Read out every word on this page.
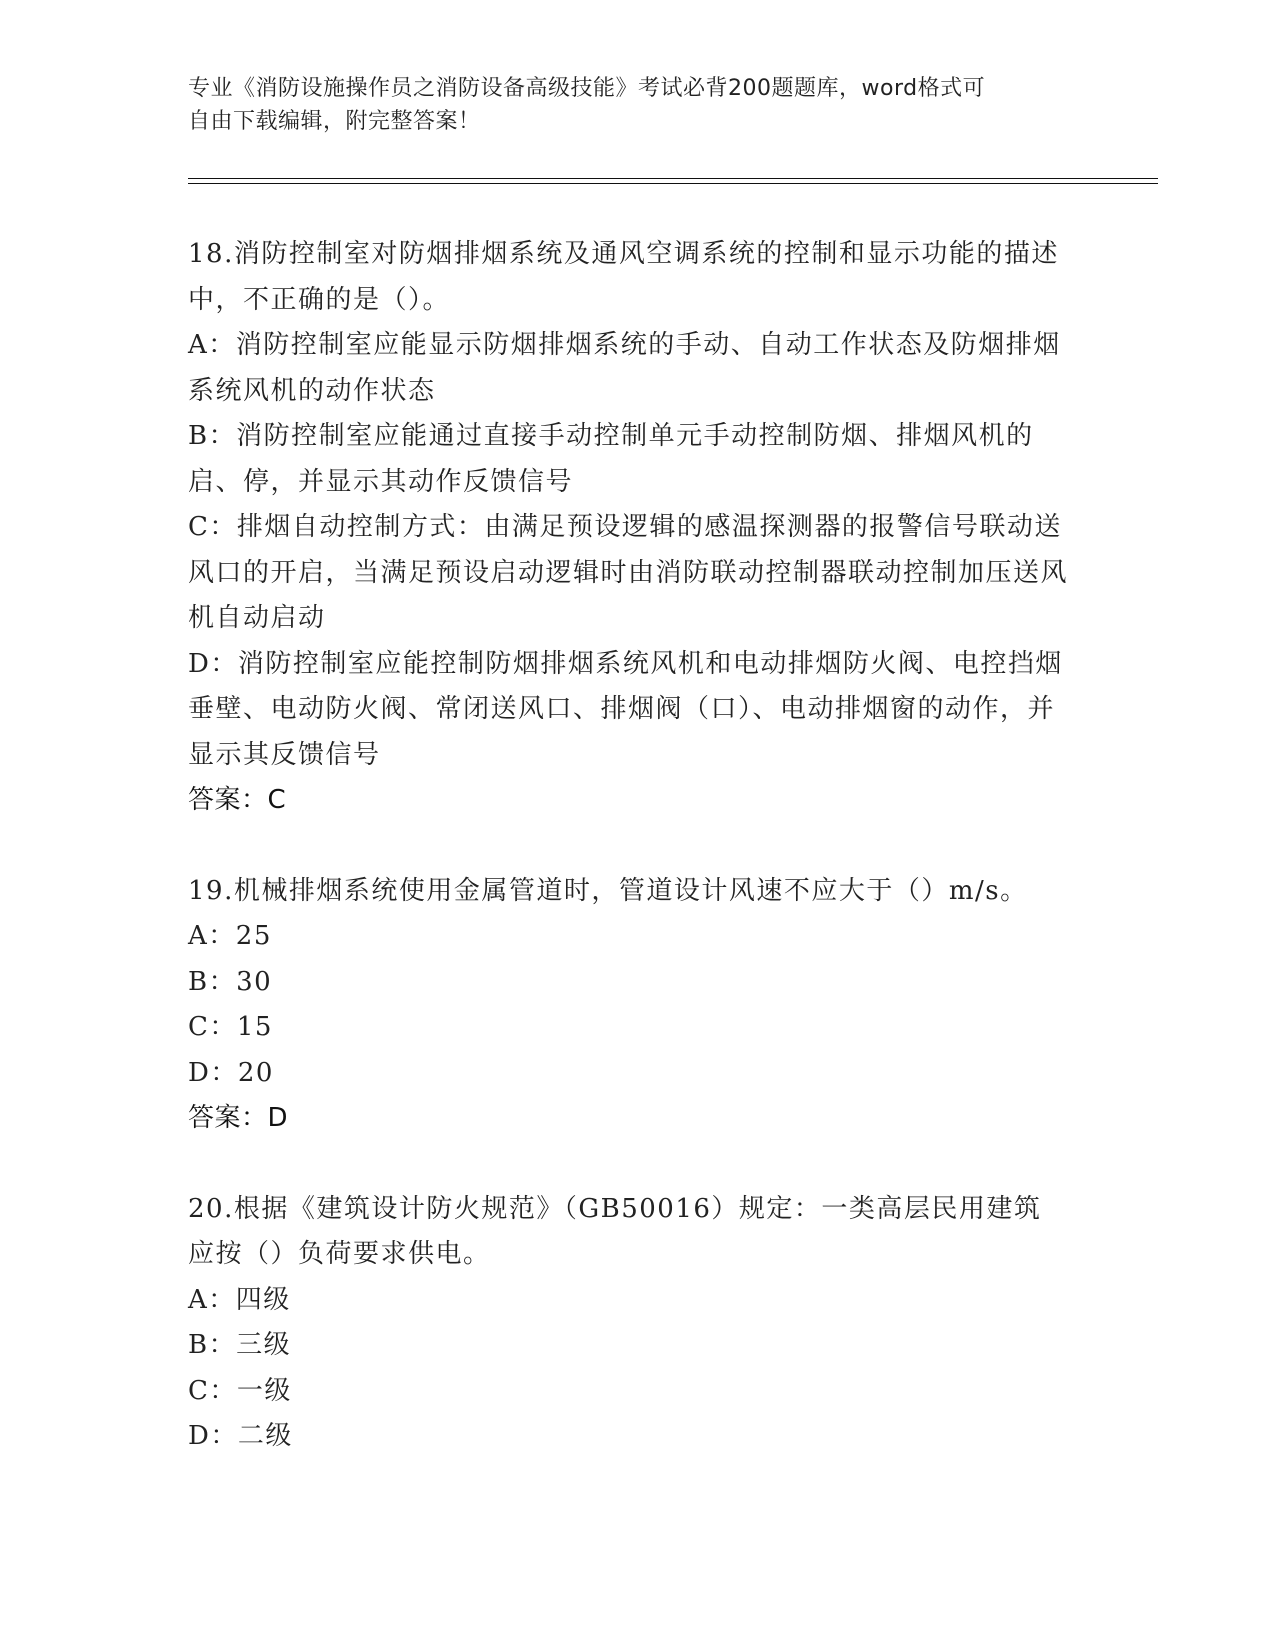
专业《消防设施操作员之消防设备高级技能》考试必背200题题库，word格式可
自由下载编辑，附完整答案！

18.消防控制室对防烟排烟系统及通风空调系统的控制和显示功能的描述中，不正确的是（）。

A：消防控制室应能显示防烟排烟系统的手动、自动工作状态及防烟排烟系统风机的动作状态

B：消防控制室应能通过直接手动控制单元手动控制防烟、排烟风机的启、停，并显示其动作反馈信号

C：排烟自动控制方式：由满足预设逻辑的感温探测器的报警信号联动送风口的开启，当满足预设启动逻辑时由消防联动控制器联动控制加压送风机自动启动

D：消防控制室应能控制防烟排烟系统风机和电动排烟防火阀、电控挡烟垂壁、电动防火阀、常闭送风口、排烟阀（口）、电动排烟窗的动作，并显示其反馈信号

答案：C

19.机械排烟系统使用金属管道时，管道设计风速不应大于（）m/s。

A：25

B：30

C：15

D：20

答案：D

20.根据《建筑设计防火规范》（GB50016）规定：一类高层民用建筑应按（）负荷要求供电。

A：四级

B：三级

C：一级

D：二级
